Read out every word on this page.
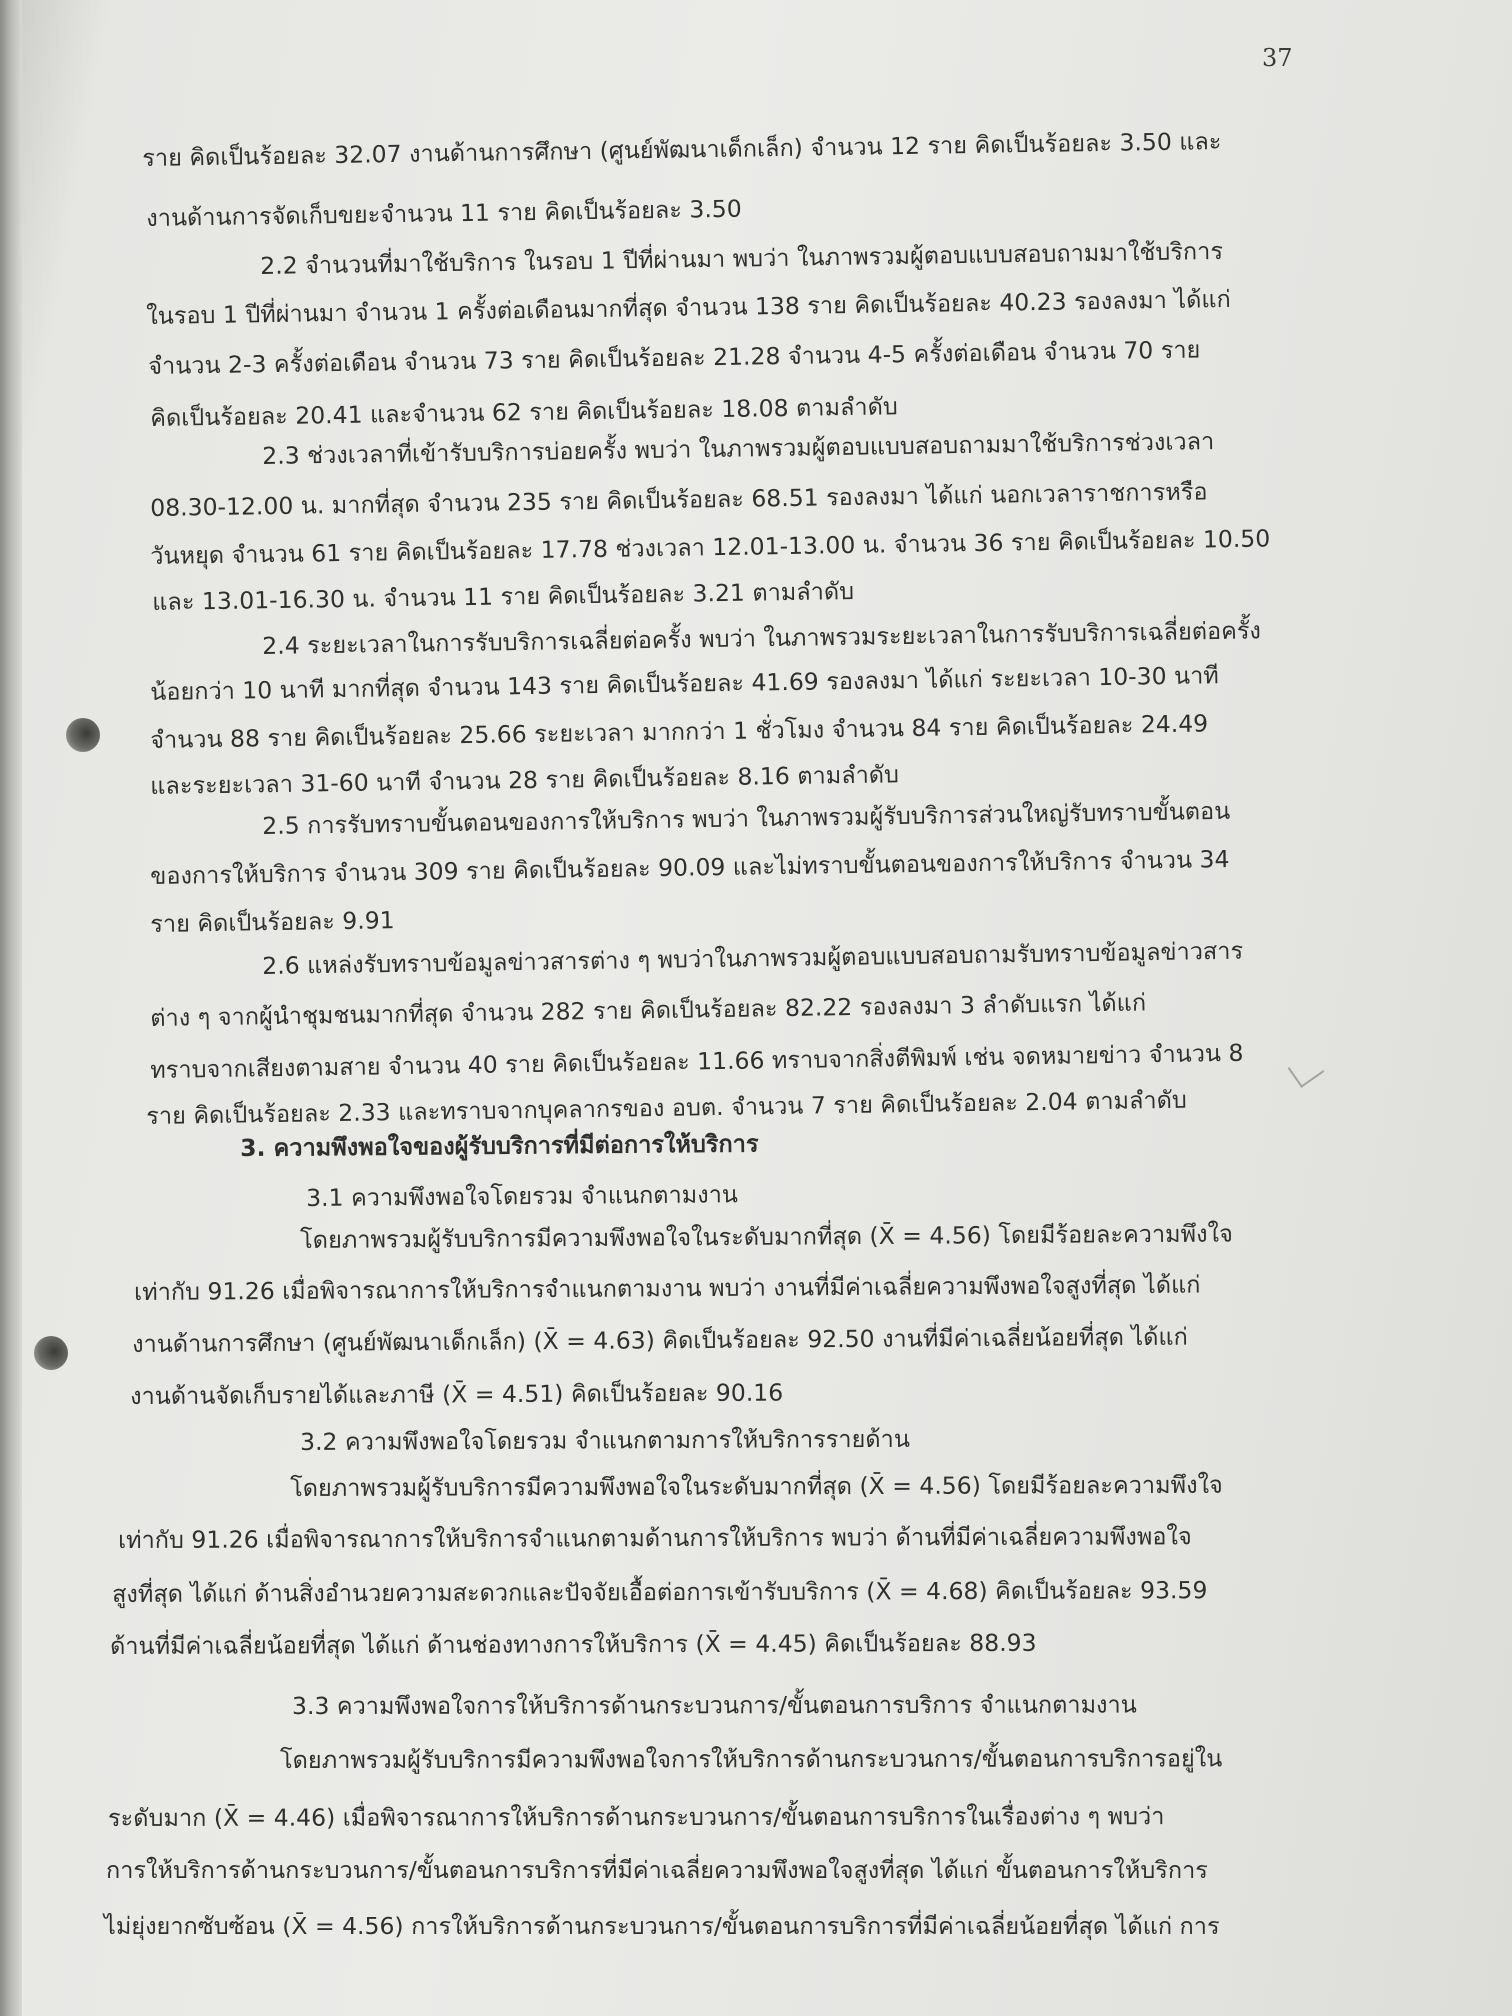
37
ราย คิดเป็นร้อยละ 32.07 งานด้านการศึกษา (ศูนย์พัฒนาเด็กเล็ก) จำนวน 12 ราย คิดเป็นร้อยละ 3.50 และ
งานด้านการจัดเก็บขยะจำนวน 11 ราย คิดเป็นร้อยละ 3.50
2.2 จำนวนที่มาใช้บริการ ในรอบ 1 ปีที่ผ่านมา พบว่า ในภาพรวมผู้ตอบแบบสอบถามมาใช้บริการ
ในรอบ 1 ปีที่ผ่านมา จำนวน 1 ครั้งต่อเดือนมากที่สุด จำนวน 138 ราย คิดเป็นร้อยละ 40.23 รองลงมา ได้แก่
จำนวน 2-3 ครั้งต่อเดือน จำนวน 73 ราย คิดเป็นร้อยละ 21.28 จำนวน 4-5 ครั้งต่อเดือน จำนวน 70 ราย
คิดเป็นร้อยละ 20.41 และจำนวน 62 ราย คิดเป็นร้อยละ 18.08 ตามลำดับ
2.3 ช่วงเวลาที่เข้ารับบริการบ่อยครั้ง พบว่า ในภาพรวมผู้ตอบแบบสอบถามมาใช้บริการช่วงเวลา
08.30-12.00 น. มากที่สุด จำนวน 235 ราย คิดเป็นร้อยละ 68.51 รองลงมา ได้แก่ นอกเวลาราชการหรือ
วันหยุด จำนวน 61 ราย คิดเป็นร้อยละ 17.78 ช่วงเวลา 12.01-13.00 น. จำนวน 36 ราย คิดเป็นร้อยละ 10.50
และ 13.01-16.30 น. จำนวน 11 ราย คิดเป็นร้อยละ 3.21 ตามลำดับ
2.4 ระยะเวลาในการรับบริการเฉลี่ยต่อครั้ง พบว่า ในภาพรวมระยะเวลาในการรับบริการเฉลี่ยต่อครั้ง
น้อยกว่า 10 นาที มากที่สุด จำนวน 143 ราย คิดเป็นร้อยละ 41.69 รองลงมา ได้แก่ ระยะเวลา 10-30 นาที
จำนวน 88 ราย คิดเป็นร้อยละ 25.66 ระยะเวลา มากกว่า 1 ชั่วโมง จำนวน 84 ราย คิดเป็นร้อยละ 24.49
และระยะเวลา 31-60 นาที จำนวน 28 ราย คิดเป็นร้อยละ 8.16 ตามลำดับ
2.5 การรับทราบขั้นตอนของการให้บริการ พบว่า ในภาพรวมผู้รับบริการส่วนใหญ่รับทราบขั้นตอน
ของการให้บริการ จำนวน 309 ราย คิดเป็นร้อยละ 90.09 และไม่ทราบขั้นตอนของการให้บริการ จำนวน 34
ราย คิดเป็นร้อยละ 9.91
2.6 แหล่งรับทราบข้อมูลข่าวสารต่าง ๆ พบว่าในภาพรวมผู้ตอบแบบสอบถามรับทราบข้อมูลข่าวสาร
ต่าง ๆ จากผู้นำชุมชนมากที่สุด จำนวน 282 ราย คิดเป็นร้อยละ 82.22 รองลงมา 3 ลำดับแรก ได้แก่
ทราบจากเสียงตามสาย จำนวน 40 ราย คิดเป็นร้อยละ 11.66 ทราบจากสิ่งตีพิมพ์ เช่น จดหมายข่าว จำนวน 8
ราย คิดเป็นร้อยละ 2.33 และทราบจากบุคลากรของ อบต. จำนวน 7 ราย คิดเป็นร้อยละ 2.04 ตามลำดับ
3. ความพึงพอใจของผู้รับบริการที่มีต่อการให้บริการ
3.1 ความพึงพอใจโดยรวม จำแนกตามงาน
โดยภาพรวมผู้รับบริการมีความพึงพอใจในระดับมากที่สุด (X̄ = 4.56) โดยมีร้อยละความพึงใจ
เท่ากับ 91.26 เมื่อพิจารณาการให้บริการจำแนกตามงาน พบว่า งานที่มีค่าเฉลี่ยความพึงพอใจสูงที่สุด ได้แก่
งานด้านการศึกษา (ศูนย์พัฒนาเด็กเล็ก) (X̄ = 4.63) คิดเป็นร้อยละ 92.50 งานที่มีค่าเฉลี่ยน้อยที่สุด ได้แก่
งานด้านจัดเก็บรายได้และภาษี (X̄ = 4.51) คิดเป็นร้อยละ 90.16
3.2 ความพึงพอใจโดยรวม จำแนกตามการให้บริการรายด้าน
โดยภาพรวมผู้รับบริการมีความพึงพอใจในระดับมากที่สุด (X̄ = 4.56) โดยมีร้อยละความพึงใจ
เท่ากับ 91.26 เมื่อพิจารณาการให้บริการจำแนกตามด้านการให้บริการ พบว่า ด้านที่มีค่าเฉลี่ยความพึงพอใจ
สูงที่สุด ได้แก่ ด้านสิ่งอำนวยความสะดวกและปัจจัยเอื้อต่อการเข้ารับบริการ (X̄ = 4.68) คิดเป็นร้อยละ 93.59
ด้านที่มีค่าเฉลี่ยน้อยที่สุด ได้แก่ ด้านช่องทางการให้บริการ (X̄ = 4.45) คิดเป็นร้อยละ 88.93
3.3 ความพึงพอใจการให้บริการด้านกระบวนการ/ขั้นตอนการบริการ จำแนกตามงาน
โดยภาพรวมผู้รับบริการมีความพึงพอใจการให้บริการด้านกระบวนการ/ขั้นตอนการบริการอยู่ใน
ระดับมาก (X̄ = 4.46) เมื่อพิจารณาการให้บริการด้านกระบวนการ/ขั้นตอนการบริการในเรื่องต่าง ๆ พบว่า
การให้บริการด้านกระบวนการ/ขั้นตอนการบริการที่มีค่าเฉลี่ยความพึงพอใจสูงที่สุด ได้แก่ ขั้นตอนการให้บริการ
ไม่ยุ่งยากซับซ้อน (X̄ = 4.56) การให้บริการด้านกระบวนการ/ขั้นตอนการบริการที่มีค่าเฉลี่ยน้อยที่สุด ได้แก่ การ
